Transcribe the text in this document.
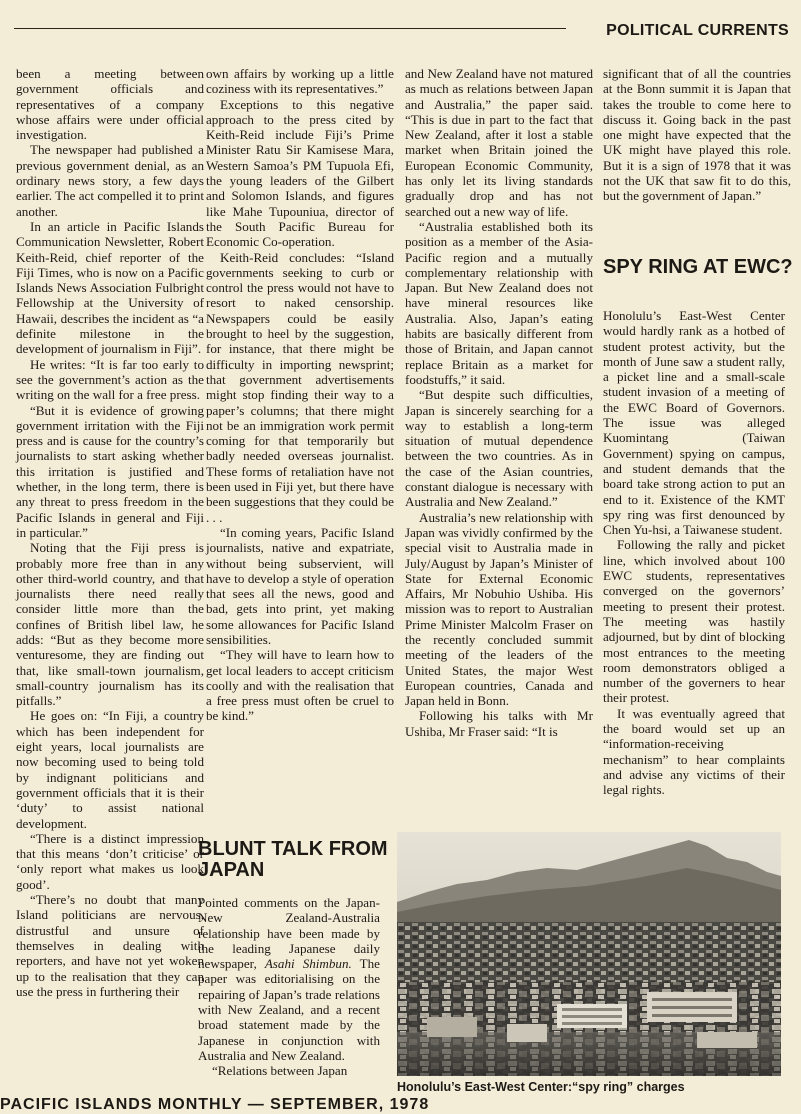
POLITICAL CURRENTS

been a meeting between government officials and representatives of a company whose affairs were under official investigation.

The newspaper had published a previous government denial, as an ordinary news story, a few days earlier. The act compelled it to print another.

In an article in Pacific Islands Communication Newsletter, Robert Keith-Reid, chief reporter of the Fiji Times, who is now on a Pacific Islands News Association Fulbright Fellowship at the University of Hawaii, describes the incident as “a definite milestone in the development of journalism in Fiji”.

He writes: “It is far too early to see the government’s action as the writing on the wall for a free press.

“But it is evidence of growing government irritation with the Fiji press and is cause for the country’s journalists to start asking whether this irritation is justified and whether, in the long term, there is any threat to press freedom in the Pacific Islands in general and Fiji in particular.”

Noting that the Fiji press is probably more free than in any other third-world country, and that journalists there need really consider little more than the confines of British libel law, he adds: “But as they become more venturesome, they are finding out that, like small-town journalism, small-country journalism has its pitfalls.”

He goes on: “In Fiji, a country which has been independent for eight years, local journalists are now becoming used to being told by indignant politicians and government officials that it is their ‘duty’ to assist national development.

“There is a distinct impression that this means ‘don’t criticise’ or ‘only report what makes us look good’.

“There’s no doubt that many Island politicians are nervous, distrustful and unsure of themselves in dealing with reporters, and have not yet woken up to the realisation that they can use the press in furthering their

own affairs by working up a little coziness with its representatives.”

Exceptions to this negative approach to the press cited by Keith-Reid include Fiji’s Prime Minister Ratu Sir Kamisese Mara, Western Samoa’s PM Tupuola Efi, the young leaders of the Gilbert and Solomon Islands, and figures like Mahe Tupouniua, director of the South Pacific Bureau for Economic Co-operation.

Keith-Reid concludes: “Island governments seeking to curb or control the press would not have to resort to naked censorship. Newspapers could be easily brought to heel by the suggestion, for instance, that there might be difficulty in importing newsprint; that government advertisements might stop finding their way to a paper’s columns; that there might not be an immigration work permit coming for that temporarily but badly needed overseas journalist. These forms of retaliation have not been used in Fiji yet, but there have been suggestions that they could be . . .

“In coming years, Pacific Island journalists, native and expatriate, without being subservient, will have to develop a style of operation that sees all the news, good and bad, gets into print, yet making some allowances for Pacific Island sensibilities.

“They will have to learn how to get local leaders to accept criticism coolly and with the realisation that a free press must often be cruel to be kind.”

BLUNT TALK FROM JAPAN

Pointed comments on the Japan-New Zealand-Australia relationship have been made by the leading Japanese daily newspaper, Asahi Shimbun. The paper was editorialising on the repairing of Japan’s trade relations with New Zealand, and a recent broad statement made by the Japanese in conjunction with Australia and New Zealand.

“Relations between Japan

and New Zealand have not matured as much as relations between Japan and Australia,” the paper said. “This is due in part to the fact that New Zealand, after it lost a stable market when Britain joined the European Economic Community, has only let its living standards gradually drop and has not searched out a new way of life.

“Australia established both its position as a member of the Asia-Pacific region and a mutually complementary relationship with Japan. But New Zealand does not have mineral resources like Australia. Also, Japan’s eating habits are basically different from those of Britain, and Japan cannot replace Britain as a market for foodstuffs,” it said.

“But despite such difficulties, Japan is sincerely searching for a way to establish a long-term situation of mutual dependence between the two countries. As in the case of the Asian countries, constant dialogue is necessary with Australia and New Zealand.”

Australia’s new relationship with Japan was vividly confirmed by the special visit to Australia made in July/August by Japan’s Minister of State for External Economic Affairs, Mr Nobuhio Ushiba. His mission was to report to Australian Prime Minister Malcolm Fraser on the recently concluded summit meeting of the leaders of the United States, the major West European countries, Canada and Japan held in Bonn.

Following his talks with Mr Ushiba, Mr Fraser said: “It is

significant that of all the countries at the Bonn summit it is Japan that takes the trouble to come here to discuss it. Going back in the past one might have expected that the UK might have played this role. But it is a sign of 1978 that it was not the UK that saw fit to do this, but the government of Japan.”

SPY RING AT EWC?

Honolulu’s East-West Center would hardly rank as a hotbed of student protest activity, but the month of June saw a student rally, a picket line and a small-scale student invasion of a meeting of the EWC Board of Governors. The issue was alleged Kuomintang (Taiwan Government) spying on campus, and student demands that the board take strong action to put an end to it. Existence of the KMT spy ring was first denounced by Chen Yu-hsi, a Taiwanese student.

Following the rally and picket line, which involved about 100 EWC students, representatives converged on the governors’ meeting to present their protest. The meeting was hastily adjourned, but by dint of blocking most entrances to the meeting room demonstrators obliged a number of the governers to hear their protest.

It was eventually agreed that the board would set up an “information-receiving mechanism” to hear complaints and advise any victims of their legal rights.

Honolulu’s East-West Center:“spy ring” charges
PACIFIC ISLANDS MONTHLY — SEPTEMBER, 1978
